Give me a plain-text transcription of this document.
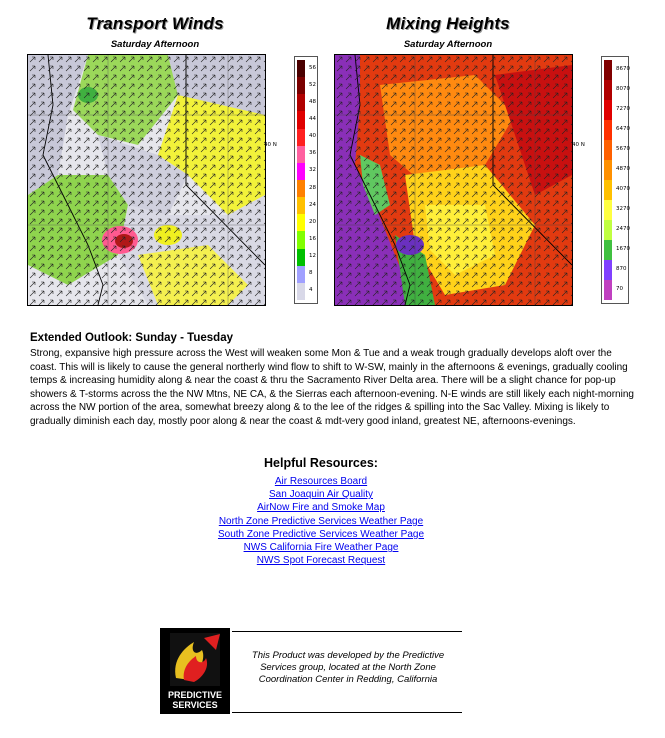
Transport Winds
Saturday Afternoon
40 N
56
52
48
44
40
36
32
28
24
20
16
12
8
4
Mixing Heights
Saturday Afternoon
40 N
8670
8070
7270
6470
5670
4870
4070
3270
2470
1670
870
70
Extended Outlook: Sunday - Tuesday
Strong, expansive high pressure across the West will weaken some Mon & Tue and a weak trough gradually develops aloft over the coast. This will is likely to cause the general northerly wind flow to shift to W-SW, mainly in the afternoons & evenings, gradually cooling temps & increasing humidity along & near the coast & thru the Sacramento River Delta area. There will be a slight chance for pop-up showers & T-storms across the the NW Mtns, NE CA, & the Sierras each afternoon-evening. N-E winds are still likely each night-morning across the NW portion of the area, somewhat breezy along & to the lee of the ridges & spilling into the Sac Valley. Mixing is likely to gradually diminish each day, mostly poor along & near the coast & mdt-very good inland, greatest NE, afternoons-evenings.
Helpful Resources:
Air Resources Board
San Joaquin Air Quality
AirNow Fire and Smoke Map
North Zone Predictive Services Weather Page
South Zone Predictive Services Weather Page
NWS California Fire Weather Page
NWS Spot Forecast Request
PREDICTIVE
SERVICES
This Product was developed by the Predictive Services group, located at the North Zone Coordination Center in Redding, California
